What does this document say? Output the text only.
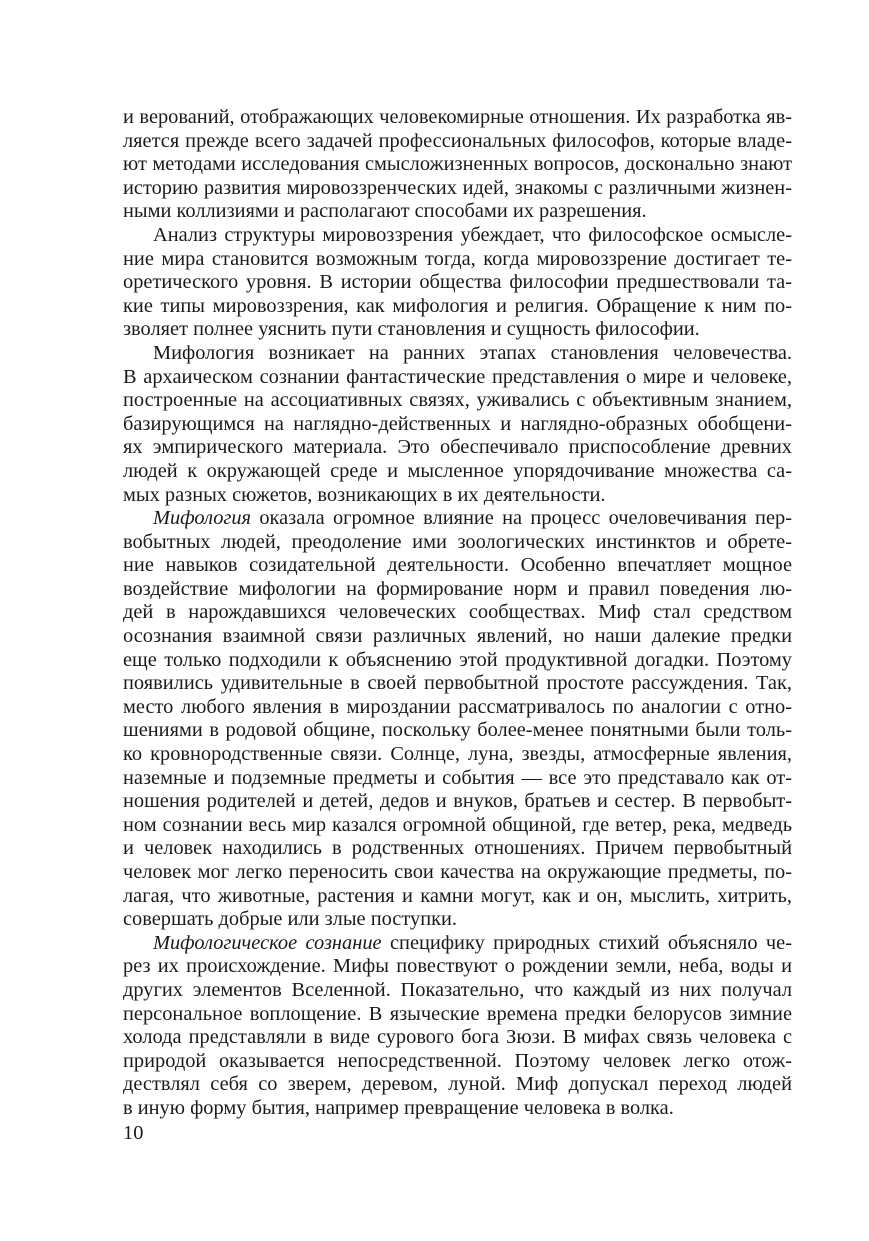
и верований, отображающих человекомирные отношения. Их разработка яв-
ляется прежде всего задачей профессиональных философов, которые владе-
ют методами исследования смысложизненных вопросов, досконально знают
историю развития мировоззренческих идей, знакомы с различными жизнен-
ными коллизиями и располагают способами их разрешения.
Анализ структуры мировоззрения убеждает, что философское осмысле-
ние мира становится возможным тогда, когда мировоззрение достигает те-
оретического уровня. В истории общества философии предшествовали та-
кие типы мировоззрения, как мифология и религия. Обращение к ним по-
зволяет полнее уяснить пути становления и сущность философии.
Мифология возникает на ранних этапах становления человечества.
В архаическом сознании фантастические представления о мире и человеке,
построенные на ассоциативных связях, уживались с объективным знанием,
базирующимся на наглядно-действенных и наглядно-образных обобщени-
ях эмпирического материала. Это обеспечивало приспособление древних
людей к окружающей среде и мысленное упорядочивание множества са-
мых разных сюжетов, возникающих в их деятельности.
Мифология оказала огромное влияние на процесс очеловечивания пер-
вобытных людей, преодоление ими зоологических инстинктов и обрете-
ние навыков созидательной деятельности. Особенно впечатляет мощное
воздействие мифологии на формирование норм и правил поведения лю-
дей в нарождавшихся человеческих сообществах. Миф стал средством
осознания взаимной связи различных явлений, но наши далекие предки
еще только подходили к объяснению этой продуктивной догадки. Поэтому
появились удивительные в своей первобытной простоте рассуждения. Так,
место любого явления в мироздании рассматривалось по аналогии с отно-
шениями в родовой общине, поскольку более-менее понятными были толь-
ко кровнородственные связи. Солнце, луна, звезды, атмосферные явления,
наземные и подземные предметы и события — все это представало как от-
ношения родителей и детей, дедов и внуков, братьев и сестер. В первобыт-
ном сознании весь мир казался огромной общиной, где ветер, река, медведь
и человек находились в родственных отношениях. Причем первобытный
человек мог легко переносить свои качества на окружающие предметы, по-
лагая, что животные, растения и камни могут, как и он, мыслить, хитрить,
совершать добрые или злые поступки.
Мифологическое сознание специфику природных стихий объясняло че-
рез их происхождение. Мифы повествуют о рождении земли, неба, воды и
других элементов Вселенной. Показательно, что каждый из них получал
персональное воплощение. В языческие времена предки белорусов зимние
холода представляли в виде сурового бога Зюзи. В мифах связь человека с
природой оказывается непосредственной. Поэтому человек легко отож-
дествлял себя со зверем, деревом, луной. Миф допускал переход людей
в иную форму бытия, например превращение человека в волка.
10
